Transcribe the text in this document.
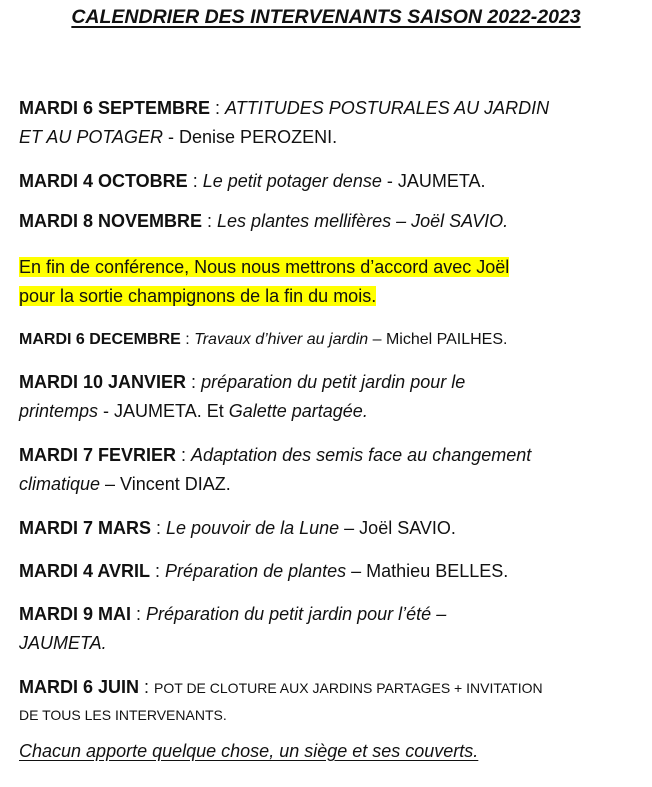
CALENDRIER DES INTERVENANTS SAISON 2022-2023
MARDI 6 SEPTEMBRE : ATTITUDES POSTURALES AU JARDIN
ET AU POTAGER - Denise PEROZENI.
MARDI 4 OCTOBRE : Le petit potager dense - JAUMETA.
MARDI 8 NOVEMBRE : Les plantes mellifères – Joël SAVIO.
En fin de conférence, Nous nous mettrons d’accord avec Joël
pour la sortie champignons de la fin du mois.
MARDI 6 DECEMBRE : Travaux d’hiver au jardin – Michel PAILHES.
MARDI 10 JANVIER : préparation du petit jardin pour le
printemps - JAUMETA. Et Galette partagée.
MARDI 7 FEVRIER : Adaptation des semis face au changement
climatique – Vincent DIAZ.
MARDI 7 MARS : Le pouvoir de la Lune – Joël SAVIO.
MARDI 4 AVRIL : Préparation de plantes – Mathieu BELLES.
MARDI 9 MAI : Préparation du petit jardin pour l’été –
JAUMETA.
MARDI 6 JUIN : POT DE CLOTURE AUX JARDINS PARTAGES + INVITATION
DE TOUS LES INTERVENANTS.
Chacun apporte quelque chose, un siège et ses couverts.
